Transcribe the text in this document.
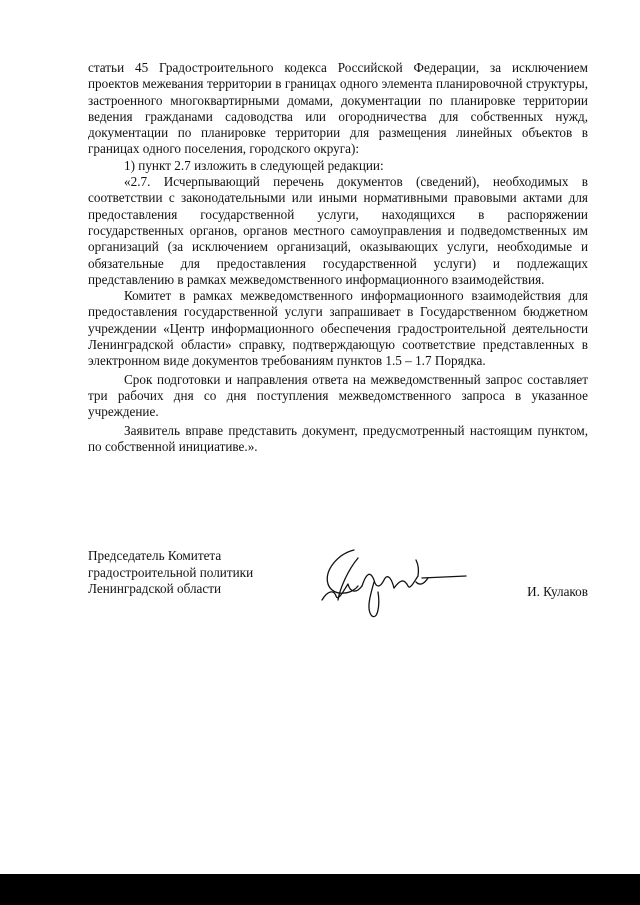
статьи 45 Градостроительного кодекса Российской Федерации, за исключением проектов межевания территории в границах одного элемента планировочной структуры, застроенного многоквартирными домами, документации по планировке территории ведения гражданами садоводства или огородничества для собственных нужд, документации по планировке территории для размещения линейных объектов в границах одного поселения, городского округа):

1) пункт 2.7 изложить в следующей редакции:

«2.7. Исчерпывающий перечень документов (сведений), необходимых в соответствии с законодательными или иными нормативными правовыми актами для предоставления государственной услуги, находящихся в распоряжении государственных органов, органов местного самоуправления и подведомственных им организаций (за исключением организаций, оказывающих услуги, необходимые и обязательные для предоставления государственной услуги) и подлежащих представлению в рамках межведомственного информационного взаимодействия.

Комитет в рамках межведомственного информационного взаимодействия для предоставления государственной услуги запрашивает в Государственном бюджетном учреждении «Центр информационного обеспечения градостроительной деятельности Ленинградской области» справку, подтверждающую соответствие представленных в электронном виде документов требованиям пунктов 1.5 – 1.7 Порядка.

Срок подготовки и направления ответа на межведомственный запрос составляет три рабочих дня со дня поступления межведомственного запроса в указанное учреждение.

Заявитель вправе представить документ, предусмотренный настоящим пунктом, по собственной инициативе.».

Председатель Комитета
градостроительной политики
Ленинградской области	И. Кулаков
